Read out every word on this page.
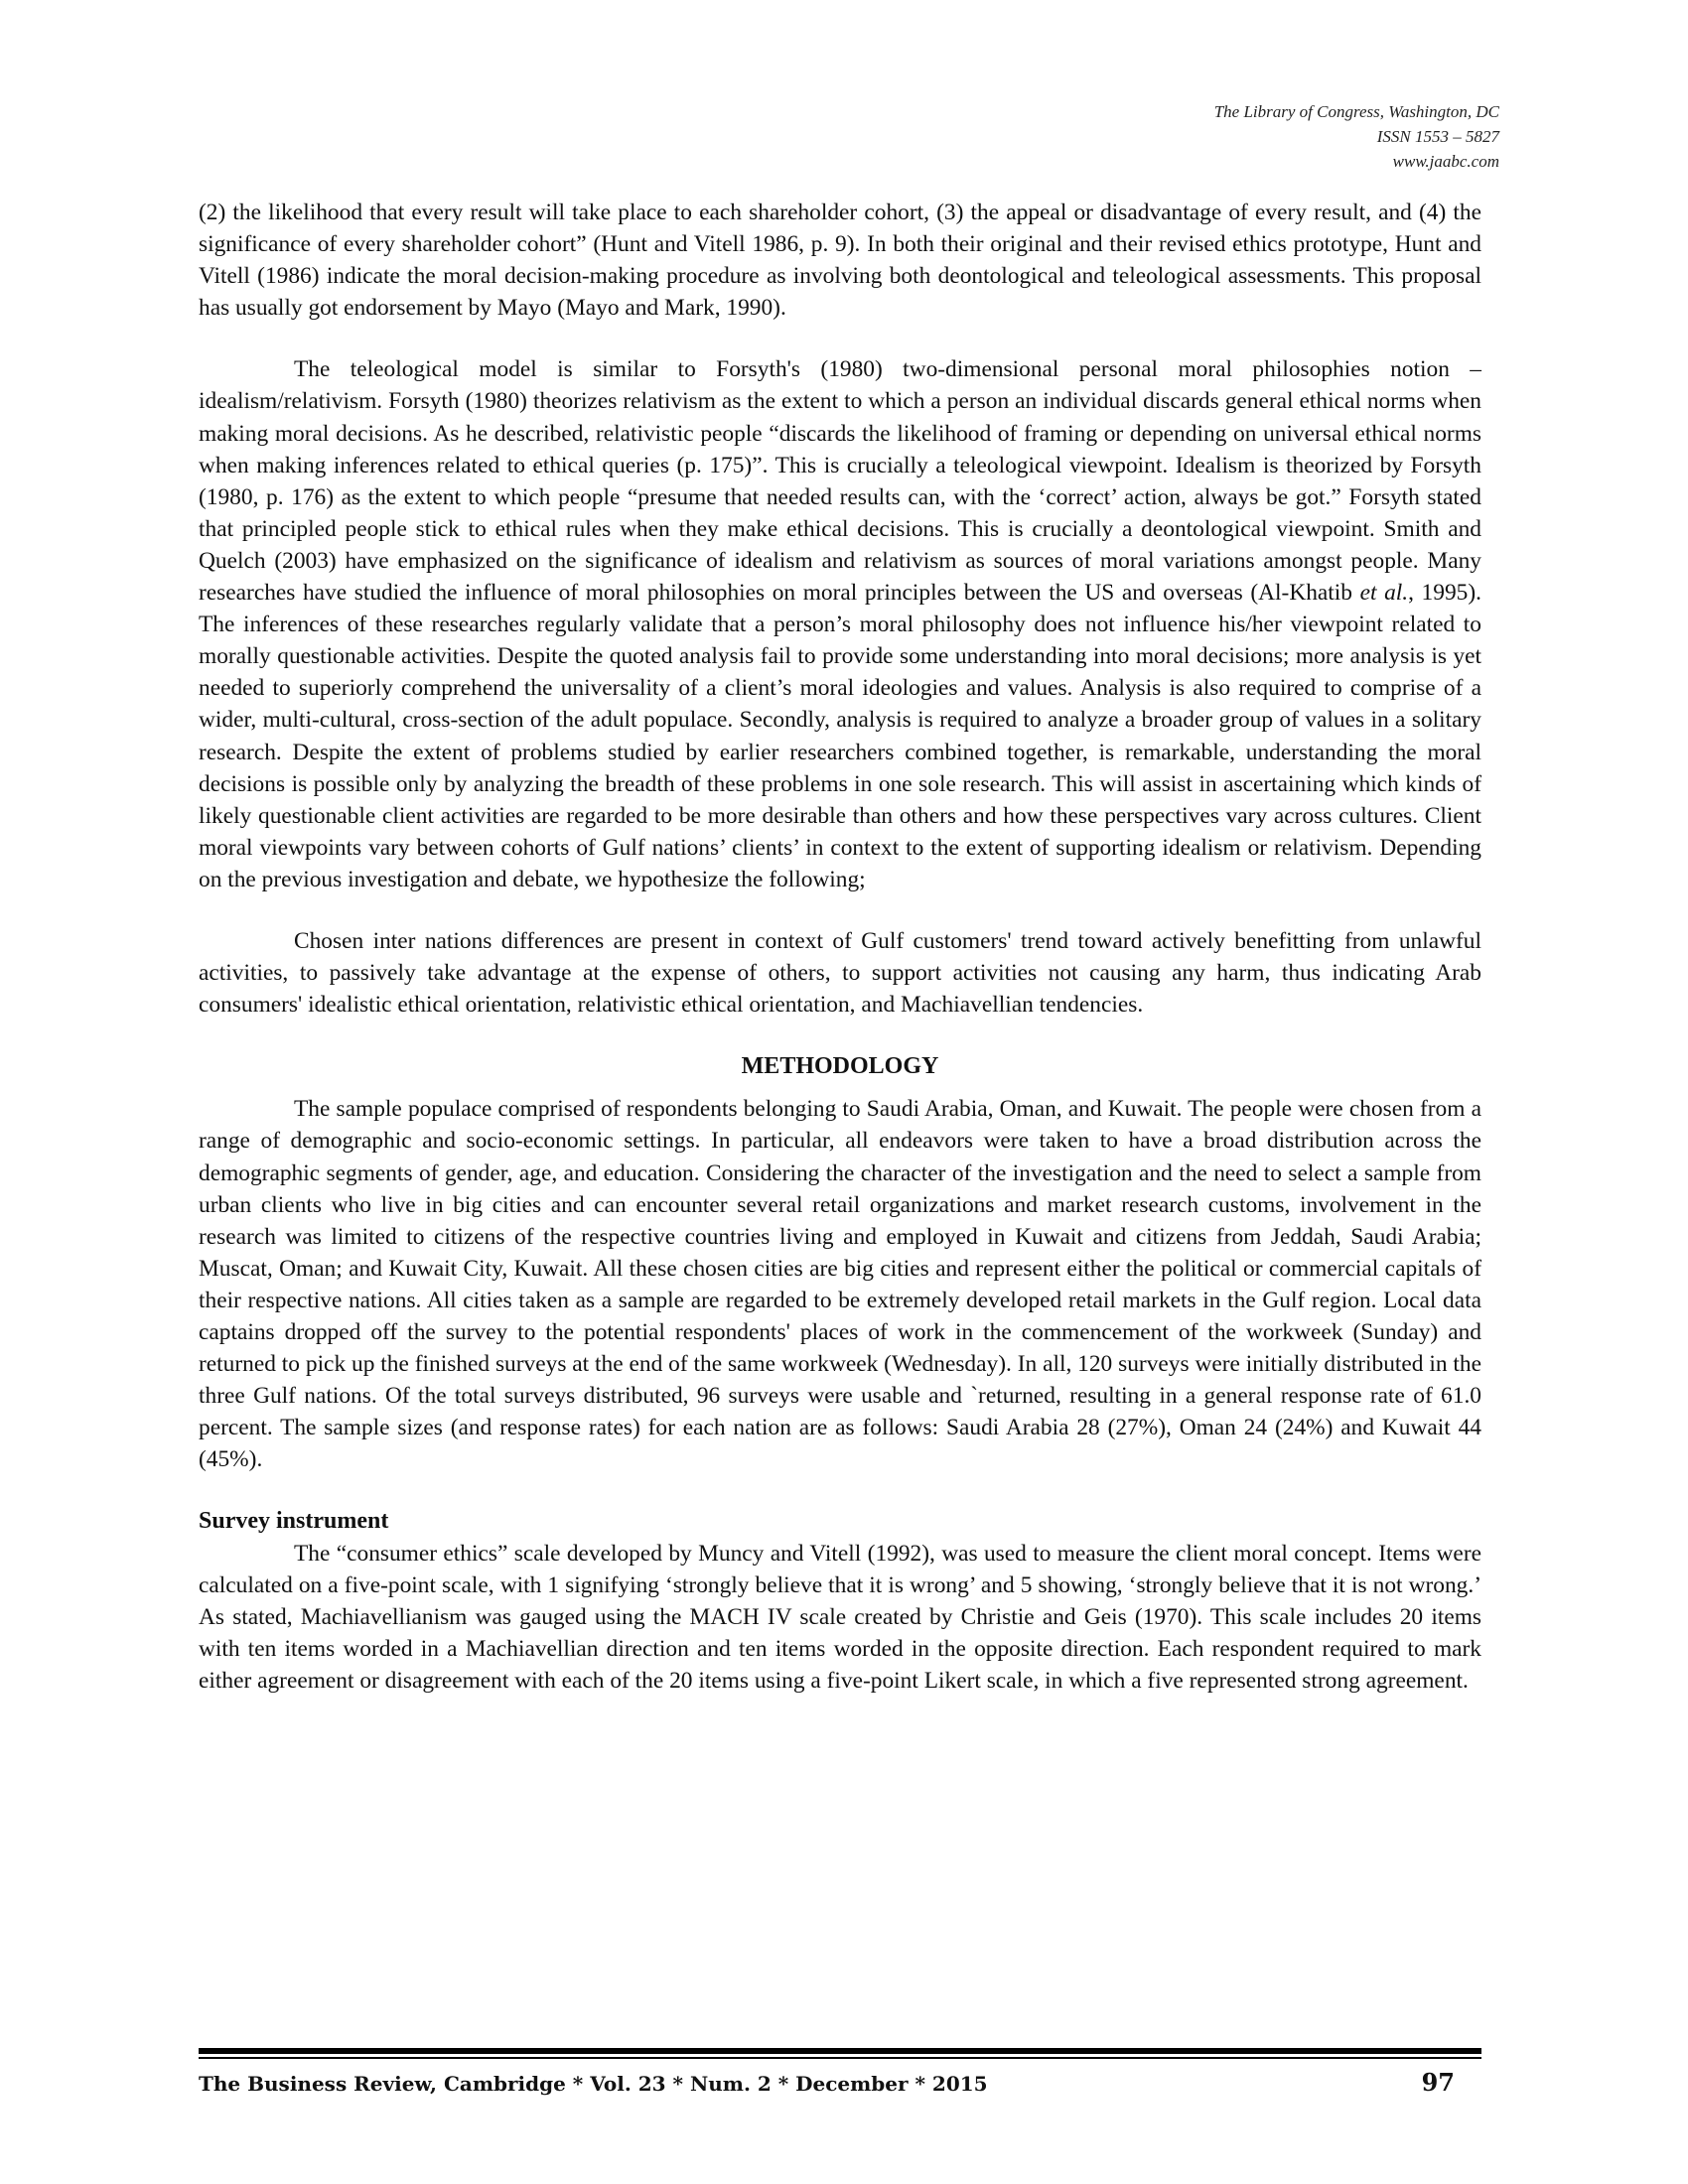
The Library of Congress, Washington, DC
ISSN 1553 – 5827
www.jaabc.com

(2) the likelihood that every result will take place to each shareholder cohort, (3) the appeal or disadvantage of every result, and (4) the significance of every shareholder cohort” (Hunt and Vitell 1986, p. 9). In both their original and their revised ethics prototype, Hunt and Vitell (1986) indicate the moral decision-making procedure as involving both deontological and teleological assessments. This proposal has usually got endorsement by Mayo (Mayo and Mark, 1990).

The teleological model is similar to Forsyth's (1980) two-dimensional personal moral philosophies notion – idealism/relativism. Forsyth (1980) theorizes relativism as the extent to which a person an individual discards general ethical norms when making moral decisions. As he described, relativistic people “discards the likelihood of framing or depending on universal ethical norms when making inferences related to ethical queries (p. 175)”. This is crucially a teleological viewpoint. Idealism is theorized by Forsyth (1980, p. 176) as the extent to which people “presume that needed results can, with the ‘correct’ action, always be got.” Forsyth stated that principled people stick to ethical rules when they make ethical decisions. This is crucially a deontological viewpoint. Smith and Quelch (2003) have emphasized on the significance of idealism and relativism as sources of moral variations amongst people. Many researches have studied the influence of moral philosophies on moral principles between the US and overseas (Al-Khatib et al., 1995). The inferences of these researches regularly validate that a person’s moral philosophy does not influence his/her viewpoint related to morally questionable activities. Despite the quoted analysis fail to provide some understanding into moral decisions; more analysis is yet needed to superiorly comprehend the universality of a client’s moral ideologies and values. Analysis is also required to comprise of a wider, multi-cultural, cross-section of the adult populace. Secondly, analysis is required to analyze a broader group of values in a solitary research. Despite the extent of problems studied by earlier researchers combined together, is remarkable, understanding the moral decisions is possible only by analyzing the breadth of these problems in one sole research. This will assist in ascertaining which kinds of likely questionable client activities are regarded to be more desirable than others and how these perspectives vary across cultures. Client moral viewpoints vary between cohorts of Gulf nations’ clients’ in context to the extent of supporting idealism or relativism. Depending on the previous investigation and debate, we hypothesize the following;

Chosen inter nations differences are present in context of Gulf customers' trend toward actively benefitting from unlawful activities, to passively take advantage at the expense of others, to support activities not causing any harm, thus indicating Arab consumers' idealistic ethical orientation, relativistic ethical orientation, and Machiavellian tendencies.

METHODOLOGY

The sample populace comprised of respondents belonging to Saudi Arabia, Oman, and Kuwait. The people were chosen from a range of demographic and socio-economic settings. In particular, all endeavors were taken to have a broad distribution across the demographic segments of gender, age, and education. Considering the character of the investigation and the need to select a sample from urban clients who live in big cities and can encounter several retail organizations and market research customs, involvement in the research was limited to citizens of the respective countries living and employed in Kuwait and citizens from Jeddah, Saudi Arabia; Muscat, Oman; and Kuwait City, Kuwait. All these chosen cities are big cities and represent either the political or commercial capitals of their respective nations. All cities taken as a sample are regarded to be extremely developed retail markets in the Gulf region. Local data captains dropped off the survey to the potential respondents' places of work in the commencement of the workweek (Sunday) and returned to pick up the finished surveys at the end of the same workweek (Wednesday). In all, 120 surveys were initially distributed in the three Gulf nations. Of the total surveys distributed, 96 surveys were usable and `returned, resulting in a general response rate of 61.0 percent. The sample sizes (and response rates) for each nation are as follows: Saudi Arabia 28 (27%), Oman 24 (24%) and Kuwait 44 (45%).

Survey instrument

The “consumer ethics” scale developed by Muncy and Vitell (1992), was used to measure the client moral concept. Items were calculated on a five-point scale, with 1 signifying ‘strongly believe that it is wrong’ and 5 showing, ‘strongly believe that it is not wrong.’ As stated, Machiavellianism was gauged using the MACH IV scale created by Christie and Geis (1970). This scale includes 20 items with ten items worded in a Machiavellian direction and ten items worded in the opposite direction. Each respondent required to mark either agreement or disagreement with each of the 20 items using a five-point Likert scale, in which a five represented strong agreement.

The Business Review, Cambridge * Vol. 23 * Num. 2 * December * 2015	97
